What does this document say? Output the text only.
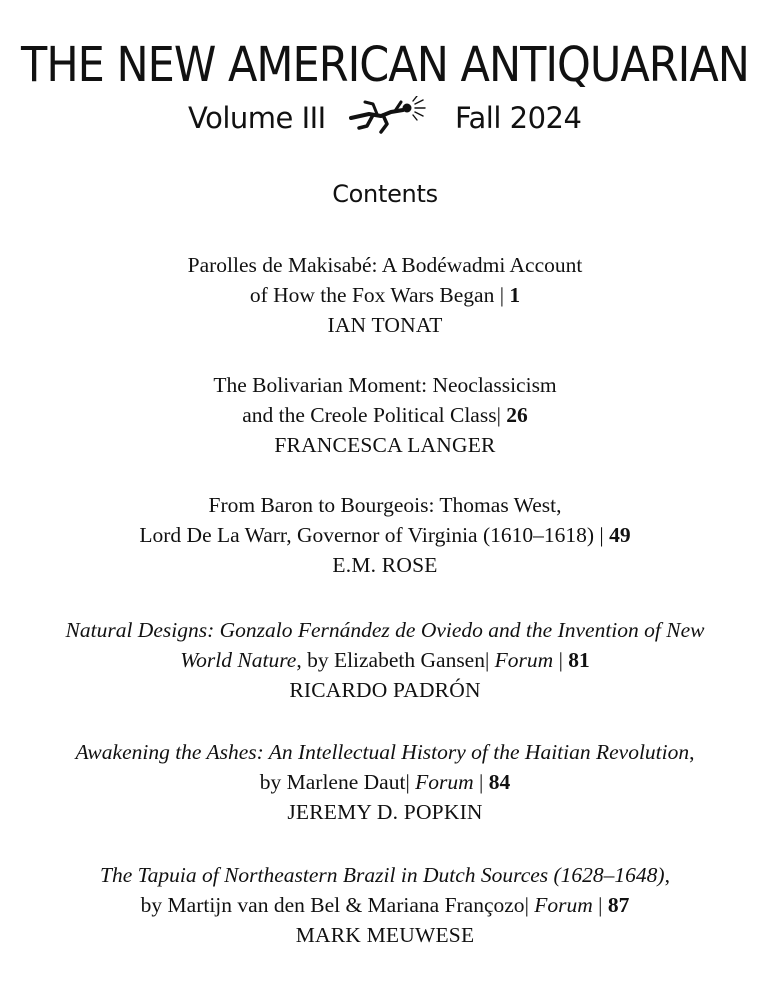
THE NEW AMERICAN ANTIQUARIAN
Volume III	Fall 2024
Contents
Parolles de Makisabé: A Bodéwadmi Account
of How the Fox Wars Began | 1
IAN TONAT
The Bolivarian Moment: Neoclassicism
and the Creole Political Class| 26
FRANCESCA LANGER
From Baron to Bourgeois: Thomas West,
Lord De La Warr, Governor of Virginia (1610–1618) | 49
E.M. ROSE
Natural Designs: Gonzalo Fernández de Oviedo and the Invention of New
World Nature, by Elizabeth Gansen| Forum | 81
RICARDO PADRÓN
Awakening the Ashes: An Intellectual History of the Haitian Revolution,
by Marlene Daut| Forum | 84
JEREMY D. POPKIN
The Tapuia of Northeastern Brazil in Dutch Sources (1628–1648),
by Martijn van den Bel & Mariana Françozo| Forum | 87
MARK MEUWESE
